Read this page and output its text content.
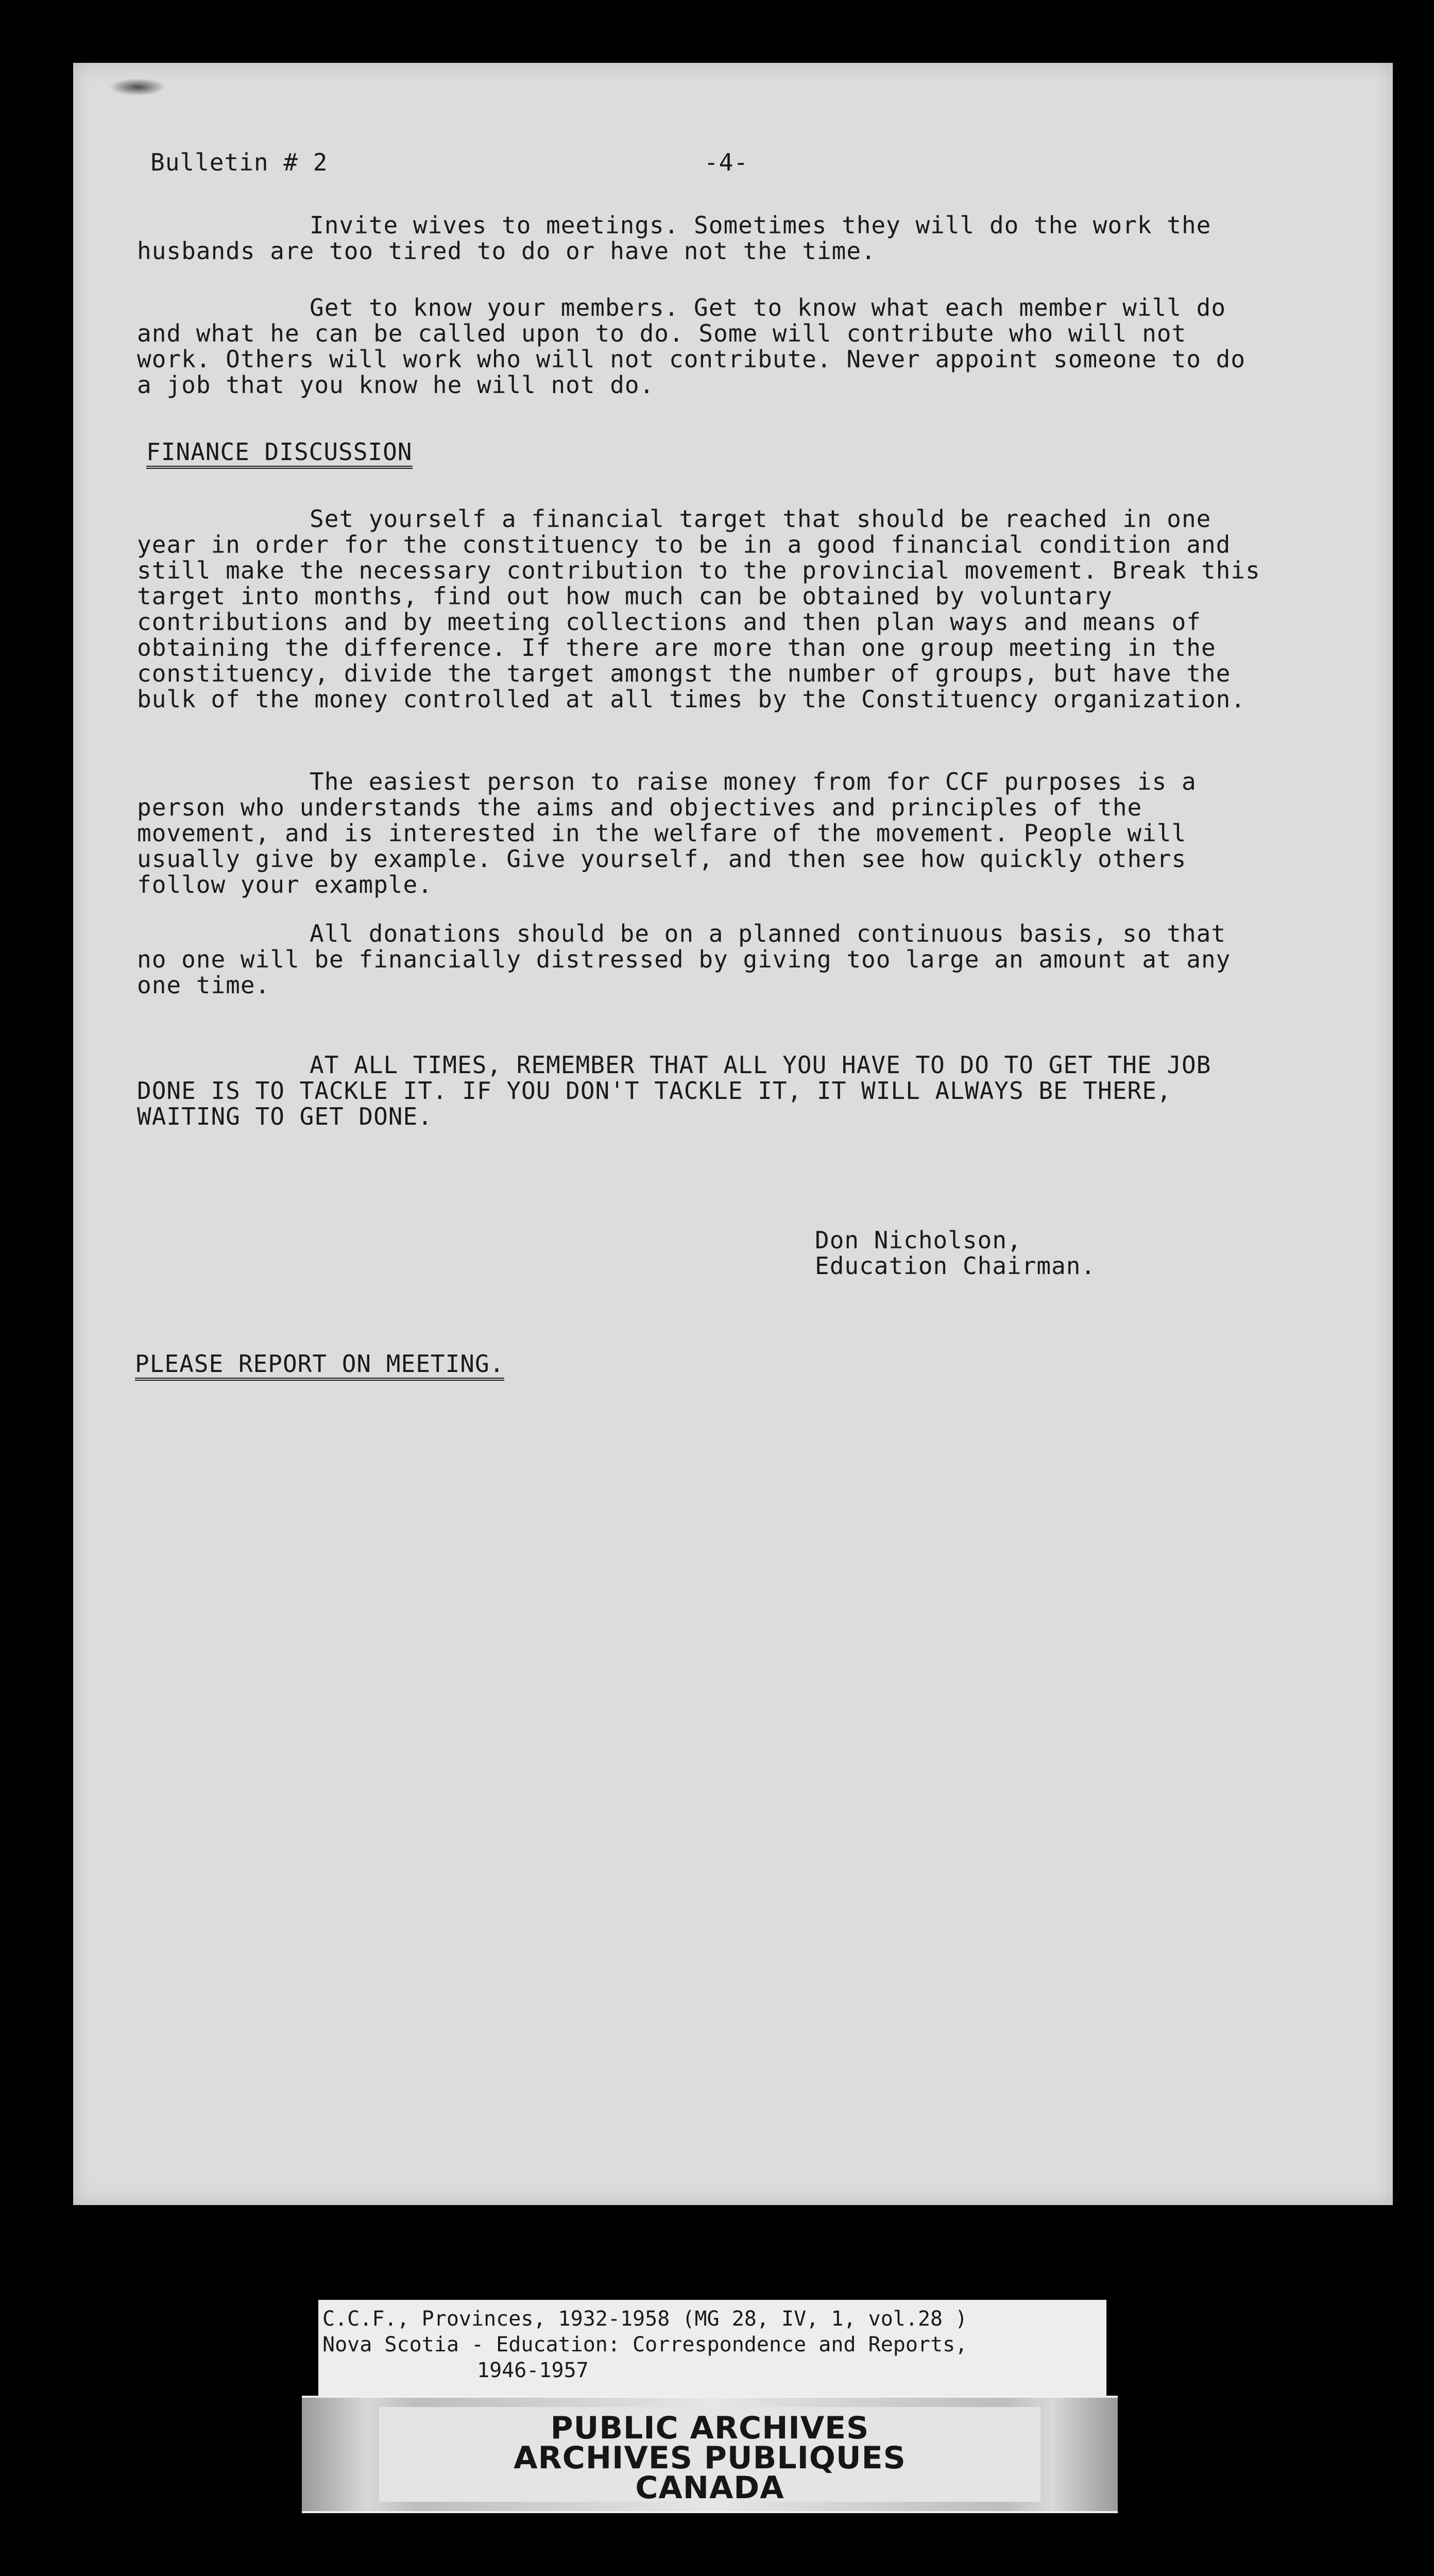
Bulletin # 2	-4-
Invite wives to meetings. Sometimes they will do the work the husbands are too tired to do or have not the time.
Get to know your members. Get to know what each member will do and what he can be called upon to do. Some will contribute who will not work. Others will work who will not contribute. Never appoint someone to do a job that you know he will not do.
FINANCE DISCUSSION
Set yourself a financial target that should be reached in one year in order for the constituency to be in a good financial condition and still make the necessary contribution to the provincial movement. Break this target into months, find out how much can be obtained by voluntary contributions and by meeting collections and then plan ways and means of obtaining the difference. If there are more than one group meeting in the constituency, divide the target amongst the number of groups, but have the bulk of the money controlled at all times by the Constituency organization.
The easiest person to raise money from for CCF purposes is a person who understands the aims and objectives and principles of the movement, and is interested in the welfare of the movement. People will usually give by example. Give yourself, and then see how quickly others follow your example.
All donations should be on a planned continuous basis, so that no one will be financially distressed by giving too large an amount at any one time.
AT ALL TIMES, REMEMBER THAT ALL YOU HAVE TO DO TO GET THE JOB DONE IS TO TACKLE IT. IF YOU DON'T TACKLE IT, IT WILL ALWAYS BE THERE, WAITING TO GET DONE.
Don Nicholson,
Education Chairman.
PLEASE REPORT ON MEETING.
C.C.F., Provinces, 1932-1958 (MG 28, IV, 1, vol.28 )
Nova Scotia - Education: Correspondence and Reports,
1946-1957
PUBLIC ARCHIVES
ARCHIVES PUBLIQUES
CANADA
